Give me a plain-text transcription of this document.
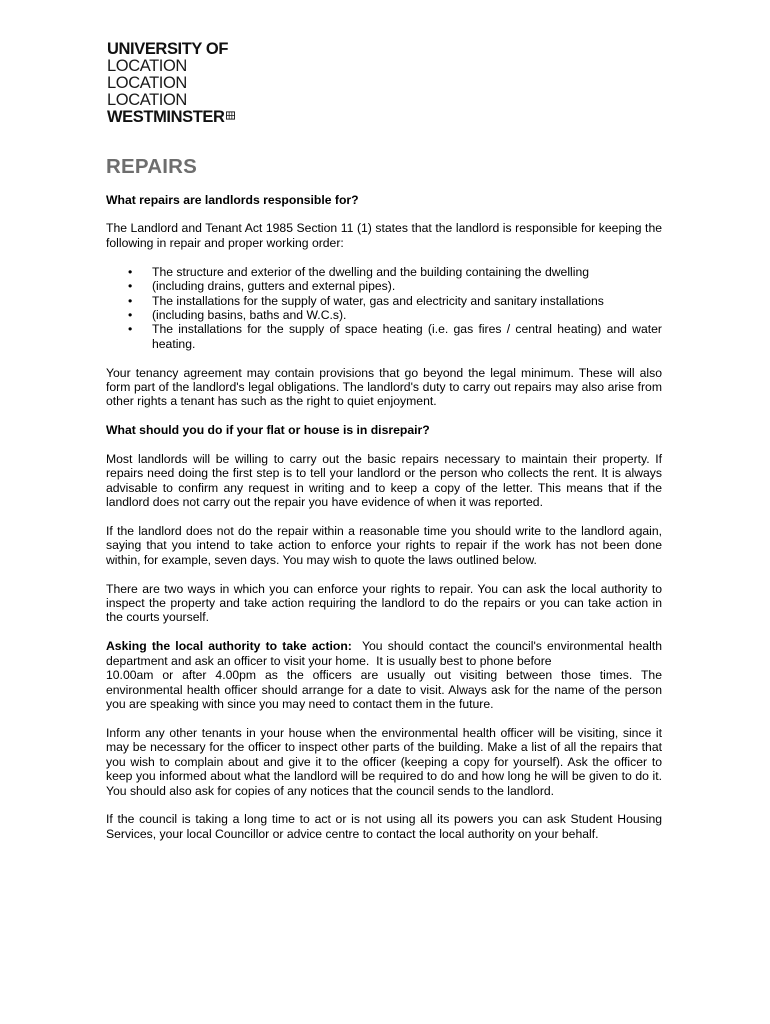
UNIVERSITY OF
LOCATION
LOCATION
LOCATION
WESTMINSTER
REPAIRS
What repairs are landlords responsible for?

The Landlord and Tenant Act 1985 Section 11 (1) states that the landlord is responsible for keeping the following in repair and proper working order:

• The structure and exterior of the dwelling and the building containing the dwelling
• (including drains, gutters and external pipes).
• The installations for the supply of water, gas and electricity and sanitary installations
• (including basins, baths and W.C.s).
• The installations for the supply of space heating (i.e. gas fires / central heating) and water heating.

Your tenancy agreement may contain provisions that go beyond the legal minimum. These will also form part of the landlord's legal obligations. The landlord's duty to carry out repairs may also arise from other rights a tenant has such as the right to quiet enjoyment.

What should you do if your flat or house is in disrepair?

Most landlords will be willing to carry out the basic repairs necessary to maintain their property. If repairs need doing the first step is to tell your landlord or the person who collects the rent. It is always advisable to confirm any request in writing and to keep a copy of the letter. This means that if the landlord does not carry out the repair you have evidence of when it was reported.

If the landlord does not do the repair within a reasonable time you should write to the landlord again, saying that you intend to take action to enforce your rights to repair if the work has not been done within, for example, seven days. You may wish to quote the laws outlined below.

There are two ways in which you can enforce your rights to repair. You can ask the local authority to inspect the property and take action requiring the landlord to do the repairs or you can take action in the courts yourself.

Asking the local authority to take action:  You should contact the council's environmental health department and ask an officer to visit your home.  It is usually best to phone before
10.00am or after 4.00pm as the officers are usually out visiting between those times. The environmental health officer should arrange for a date to visit. Always ask for the name of the person you are speaking with since you may need to contact them in the future.

Inform any other tenants in your house when the environmental health officer will be visiting, since it may be necessary for the officer to inspect other parts of the building. Make a list of all the repairs that you wish to complain about and give it to the officer (keeping a copy for yourself). Ask the officer to keep you informed about what the landlord will be required to do and how long he will be given to do it. You should also ask for copies of any notices that the council sends to the landlord.

If the council is taking a long time to act or is not using all its powers you can ask Student Housing Services, your local Councillor or advice centre to contact the local authority on your behalf.
